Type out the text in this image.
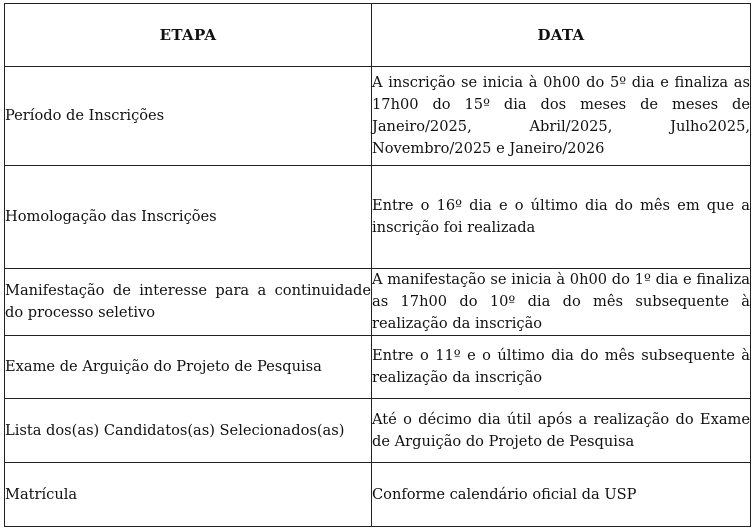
ETAPA	DATA

Período de Inscrições	A inscrição se inicia à 0h00 do 5º dia e finaliza as 17h00 do 15º dia dos meses de meses de Janeiro/2025, Abril/2025, Julho2025, Novembro/2025 e Janeiro/2026

Homologação das Inscrições	Entre o 16º dia e o último dia do mês em que a inscrição foi realizada

Manifestação de interesse para a continuidade do processo seletivo	A manifestação se inicia à 0h00 do 1º dia e finaliza as 17h00 do 10º dia do mês subsequente à realização da inscrição

Exame de Arguição do Projeto de Pesquisa	Entre o 11º e o último dia do mês subsequente à realização da inscrição

Lista dos(as) Candidatos(as) Selecionados(as)	Até o décimo dia útil após a realização do Exame de Arguição do Projeto de Pesquisa

Matrícula	Conforme calendário oficial da USP
